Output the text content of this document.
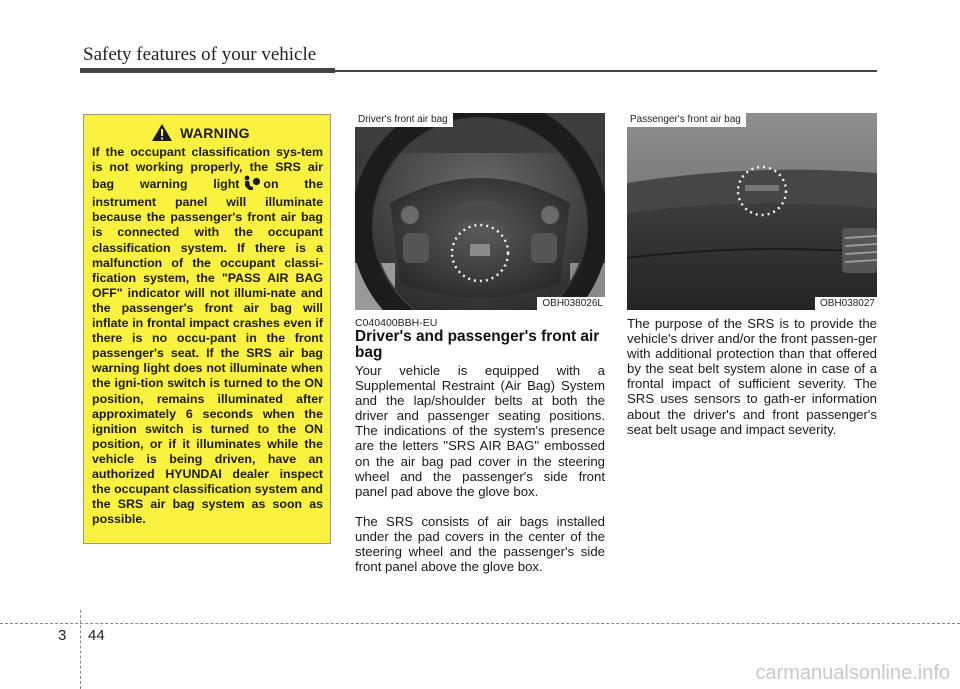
Safety features of your vehicle
WARNING
If the occupant classification sys-tem is not working properly, the SRS air bag warning light on the instrument panel will illuminate because the passenger's front air bag is connected with the occupant classification system. If there is a malfunction of the occupant classi-fication system, the "PASS AIR BAG OFF" indicator will not illumi-nate and the passenger's front air bag will inflate in frontal impact crashes even if there is no occu-pant in the front passenger's seat. If the SRS air bag warning light does not illuminate when the igni-tion switch is turned to the ON position, remains illuminated after approximately 6 seconds when the ignition switch is turned to the ON position, or if it illuminates while the vehicle is being driven, have an authorized HYUNDAI dealer inspect the occupant classification system and the SRS air bag system as soon as possible.
Driver's front air bag
OBH038026L
Passenger's front air bag
OBH038027
C040400BBH-EU
Driver's and passenger's front air bag

Your vehicle is equipped with a Supplemental Restraint (Air Bag) System and the lap/shoulder belts at both the driver and passenger seating positions. The indications of the system's presence are the letters "SRS AIR BAG" embossed on the air bag pad cover in the steering wheel and the passenger's side front panel pad above the glove box.

The SRS consists of air bags installed under the pad covers in the center of the steering wheel and the passenger's side front panel above the glove box.

The purpose of the SRS is to provide the vehicle's driver and/or the front passen-ger with additional protection than that offered by the seat belt system alone in case of a frontal impact of sufficient severity. The SRS uses sensors to gath-er information about the driver's and front passenger's seat belt usage and impact severity.

3 44
carmanualsonline.info
